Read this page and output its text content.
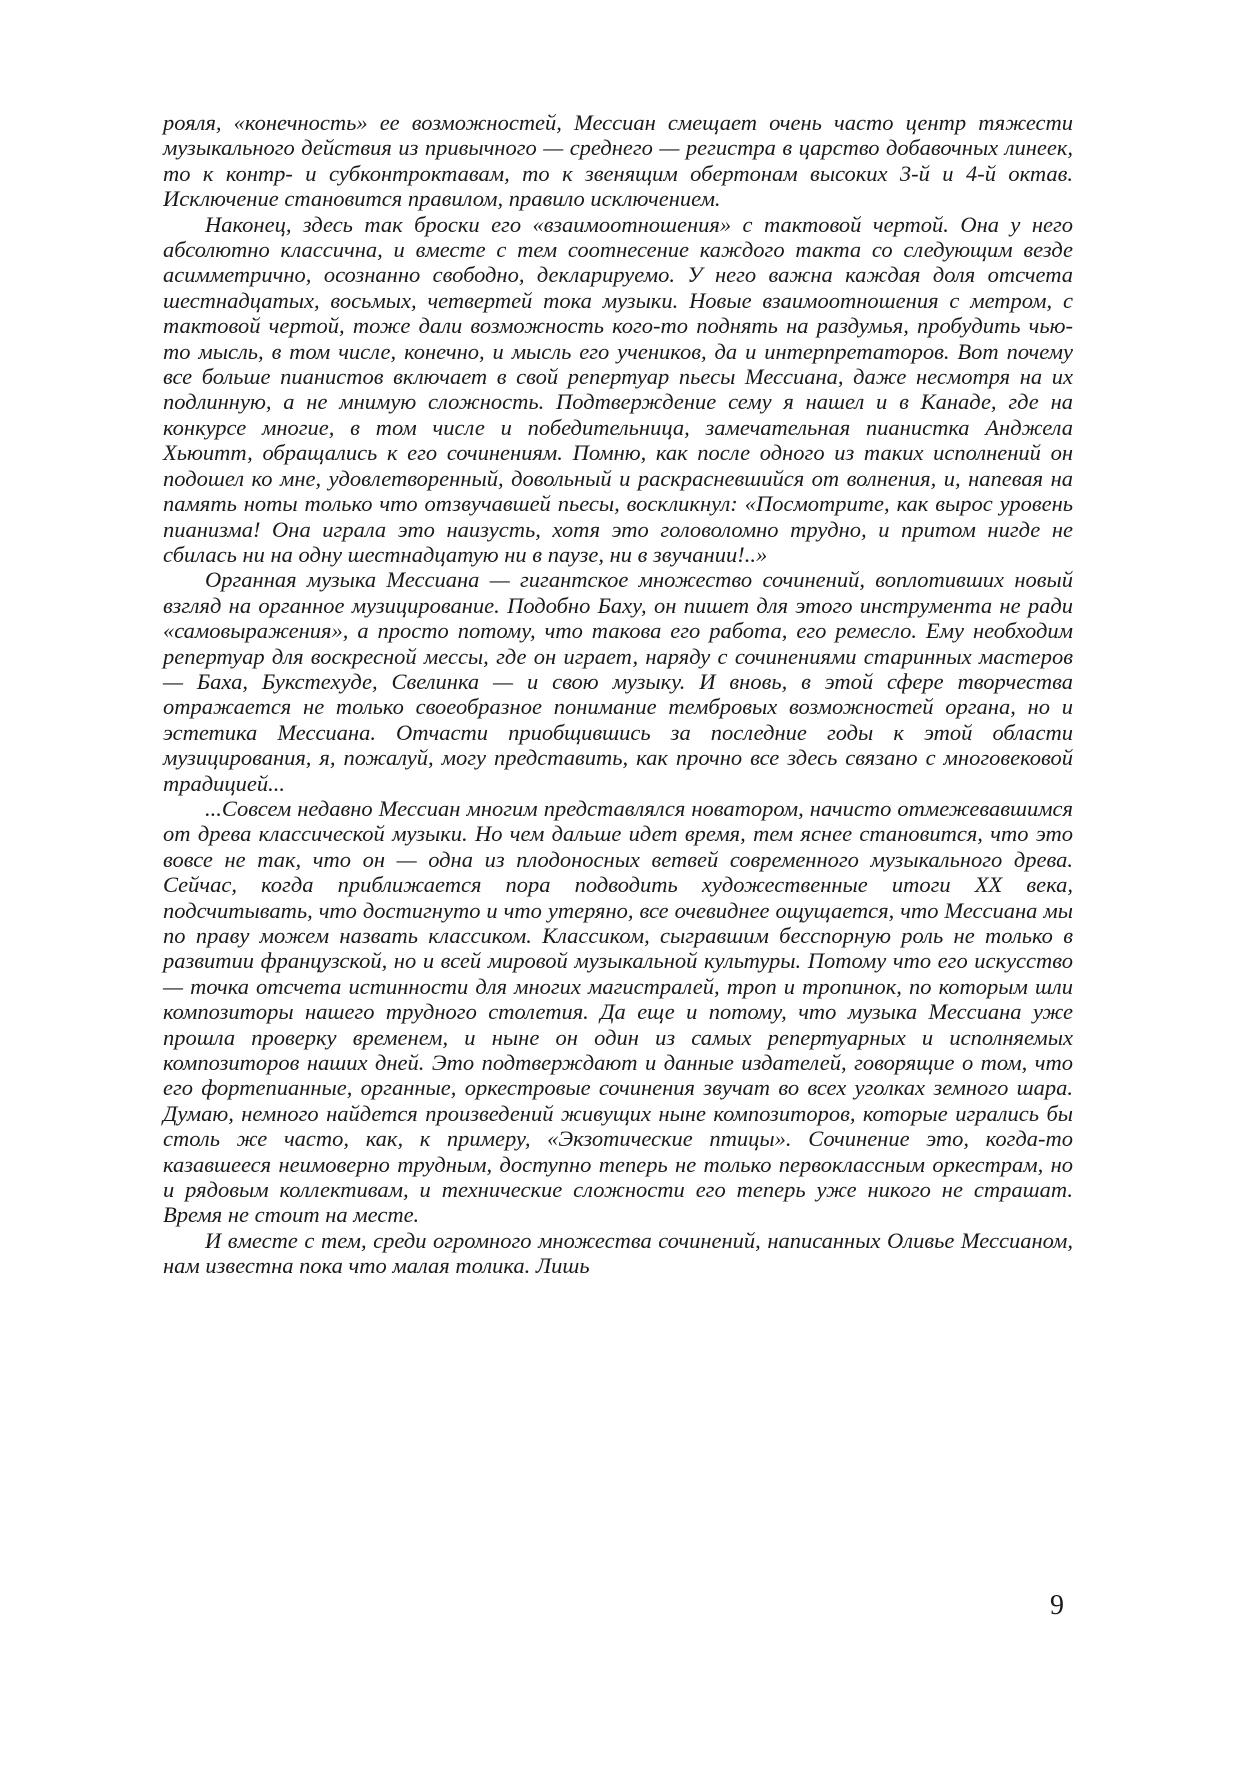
рояля, «конечность» ее возможностей, Мессиан смещает очень часто центр тяжести музыкального действия из привычного — среднего — регистра в царство добавочных линеек, то к контр- и субконтроктавам, то к звенящим обертонам высоких 3-й и 4-й октав. Исключение становится правилом, правило исключением.

Наконец, здесь так броски его «взаимоотношения» с тактовой чертой. Она у него абсолютно классична, и вместе с тем соотнесение каждого такта со следующим везде асимметрично, осознанно свободно, декларируемо. У него важна каждая доля отсчета шестнадцатых, восьмых, четвертей тока музыки. Новые взаимоотношения с метром, с тактовой чертой, тоже дали возможность кого-то поднять на раздумья, пробудить чью-то мысль, в том числе, конечно, и мысль его учеников, да и интерпретаторов. Вот почему все больше пианистов включает в свой репертуар пьесы Мессиана, даже несмотря на их подлинную, а не мнимую сложность. Подтверждение сему я нашел и в Канаде, где на конкурсе многие, в том числе и победительница, замечательная пианистка Анджела Хьюитт, обращались к его сочинениям. Помню, как после одного из таких исполнений он подошел ко мне, удовлетворенный, довольный и раскрасневшийся от волнения, и, напевая на память ноты только что отзвучавшей пьесы, воскликнул: «Посмотрите, как вырос уровень пианизма! Она играла это наизусть, хотя это головоломно трудно, и притом нигде не сбилась ни на одну шестнадцатую ни в паузе, ни в звучании!..»

Органная музыка Мессиана — гигантское множество сочинений, воплотивших новый взгляд на органное музицирование. Подобно Баху, он пишет для этого инструмента не ради «самовыражения», а просто потому, что такова его работа, его ремесло. Ему необходим репертуар для воскресной мессы, где он играет, наряду с сочинениями старинных мастеров — Баха, Букстехуде, Свелинка — и свою музыку. И вновь, в этой сфере творчества отражается не только своеобразное понимание тембровых возможностей органа, но и эстетика Мессиана. Отчасти приобщившись за последние годы к этой области музицирования, я, пожалуй, могу представить, как прочно все здесь связано с многовековой традицией...

...Совсем недавно Мессиан многим представлялся новатором, начисто отмежевавшимся от древа классической музыки. Но чем дальше идет время, тем яснее становится, что это вовсе не так, что он — одна из плодоносных ветвей современного музыкального древа. Сейчас, когда приближается пора подводить художественные итоги XX века, подсчитывать, что достигнуто и что утеряно, все очевиднее ощущается, что Мессиана мы по праву можем назвать классиком. Классиком, сыгравшим бесспорную роль не только в развитии французской, но и всей мировой музыкальной культуры. Потому что его искусство — точка отсчета истинности для многих магистралей, троп и тропинок, по которым шли композиторы нашего трудного столетия. Да еще и потому, что музыка Мессиана уже прошла проверку временем, и ныне он один из самых репертуарных и исполняемых композиторов наших дней. Это подтверждают и данные издателей, говорящие о том, что его фортепианные, органные, оркестровые сочинения звучат во всех уголках земного шара. Думаю, немного найдется произведений живущих ныне композиторов, которые игрались бы столь же часто, как, к примеру, «Экзотические птицы». Сочинение это, когда-то казавшееся неимоверно трудным, доступно теперь не только первоклассным оркестрам, но и рядовым коллективам, и технические сложности его теперь уже никого не страшат. Время не стоит на месте.

И вместе с тем, среди огромного множества сочинений, написанных Оливье Мессианом, нам известна пока что малая толика. Лишь

9
